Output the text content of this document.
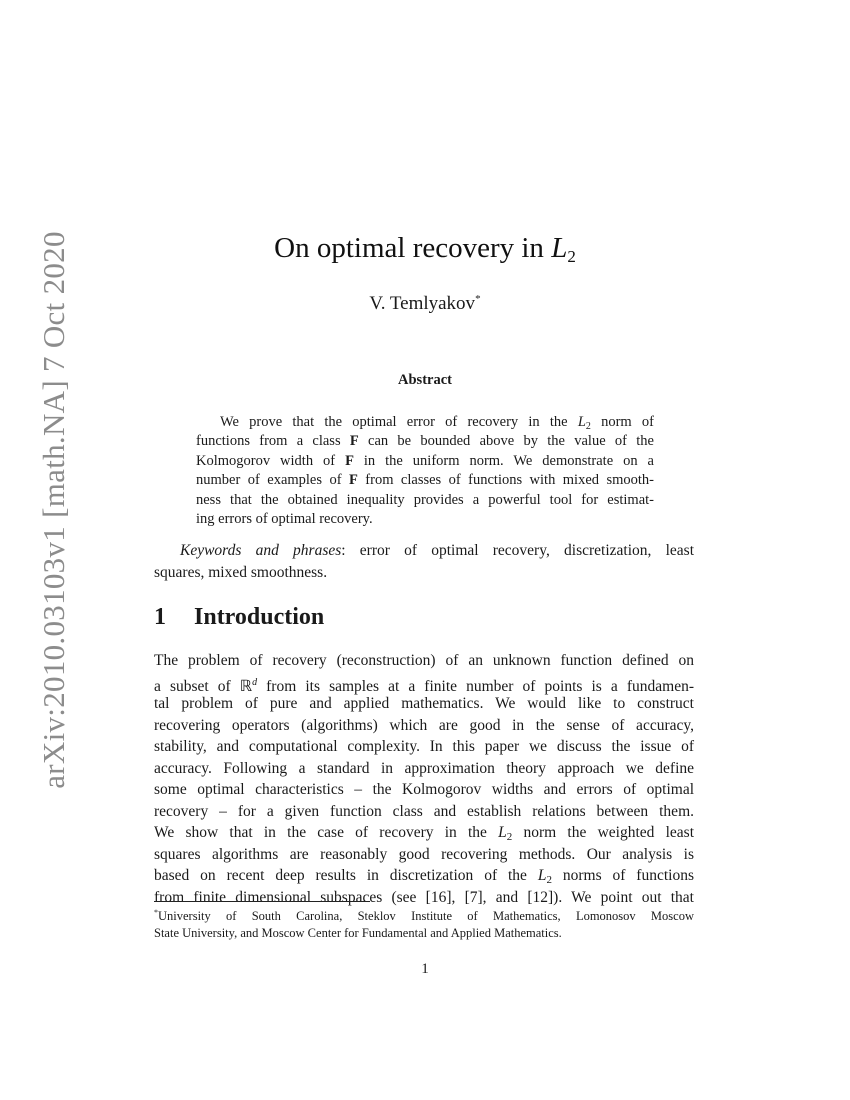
arXiv:2010.03103v1 [math.NA] 7 Oct 2020	On optimal recovery in $L_2$
V. Temlyakov*
Abstract
We prove that the optimal error of recovery in the $L_2$ norm of
functions from a class F can be bounded above by the value of the
Kolmogorov width of F in the uniform norm. We demonstrate on a
number of examples of F from classes of functions with mixed smooth-
ness that the obtained inequality provides a powerful tool for estimat-
ing errors of optimal recovery.
Keywords and phrases: error of optimal recovery, discretization, least
squares, mixed smoothness.
1 Introduction
The problem of recovery (reconstruction) of an unknown function defined on
a subset of ℝ$^d$ from its samples at a finite number of points is a fundamen-
tal problem of pure and applied mathematics. We would like to construct
recovering operators (algorithms) which are good in the sense of accuracy,
stability, and computational complexity. In this paper we discuss the issue of
accuracy. Following a standard in approximation theory approach we define
some optimal characteristics – the Kolmogorov widths and errors of optimal
recovery – for a given function class and establish relations between them.
We show that in the case of recovery in the $L_2$ norm the weighted least
squares algorithms are reasonably good recovering methods. Our analysis is
based on recent deep results in discretization of the $L_2$ norms of functions
from finite dimensional subspaces (see [16], [7], and [12]). We point out that
*University of South Carolina, Steklov Institute of Mathematics, Lomonosov Moscow
State University, and Moscow Center for Fundamental and Applied Mathematics.
1
